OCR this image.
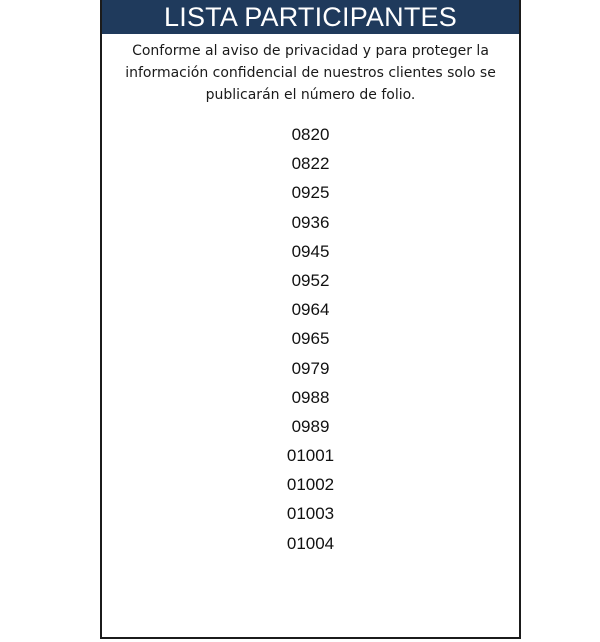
LISTA PARTICIPANTES
Conforme al aviso de privacidad y para proteger la información confidencial de nuestros clientes solo se publicarán el número de folio.
0820
0822
0925
0936
0945
0952
0964
0965
0979
0988
0989
01001
01002
01003
01004
